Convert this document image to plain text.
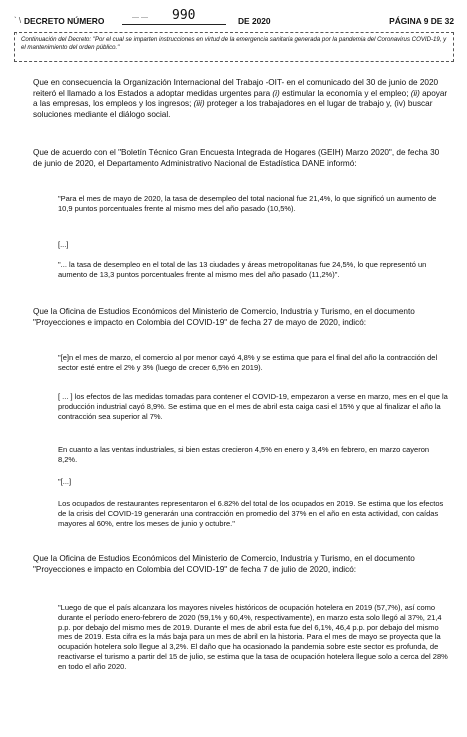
` \ DECRETO NÚMERO	— — 990	DE 2020	PÁGINA 9 DE 32
' Continuación del Decreto: "Por el cual se imparten instrucciones en virtud de la emergencia sanitaria generada por la pandemia del Coronavirus COVID-19, y el mantenimiento del orden público."

Que en consecuencia la Organización Internacional del Trabajo -OIT- en el comunicado del 30 de junio de 2020 reiteró el llamado a los Estados a adoptar medidas urgentes para (i) estimular la economía y el empleo; (ii) apoyar a las empresas, los empleos y los ingresos; (iii) proteger a los trabajadores en el lugar de trabajo y, (iv) buscar soluciones mediante el diálogo social.

Que de acuerdo con el "Boletín Técnico Gran Encuesta Integrada de Hogares (GEIH) Marzo 2020", de fecha 30 de junio de 2020, el Departamento Administrativo Nacional de Estadística DANE informó:

"Para el mes de mayo de 2020, la tasa de desempleo del total nacional fue 21,4%, lo que significó un aumento de 10,9 puntos porcentuales frente al mismo mes del año pasado (10,5%).

[...]

"... la tasa de desempleo en el total de las 13 ciudades y áreas metropolitanas fue 24,5%, lo que representó un aumento de 13,3 puntos porcentuales frente al mismo mes del año pasado (11,2%)".

Que la Oficina de Estudios Económicos del Ministerio de Comercio, Industria y Turismo, en el documento "Proyecciones e impacto en Colombia del COVID-19" de fecha 27 de mayo de 2020, indicó:

"[e]n el mes de marzo, el comercio al por menor cayó 4,8% y se estima que para el final del año la contracción del sector esté entre el 2% y 3% (luego de crecer 6,5% en 2019).

[ ... ] los efectos de las medidas tomadas para contener el COVID-19, empezaron a verse en marzo, mes en el que la producción industrial cayó 8,9%. Se estima que en el mes de abril esta caiga casi el 15% y que al finalizar el año la contracción sea superior al 7%.

En cuanto a las ventas industriales, si bien estas crecieron 4,5% en enero y 3,4% en febrero, en marzo cayeron 8,2%.

"[...]

Los ocupados de restaurantes representaron el 6.82% del total de los ocupados en 2019. Se estima que los efectos de la crisis del COVID-19 generarán una contracción en promedio del 37% en el año en esta actividad, con caídas mayores al 60%, entre los meses de junio y octubre."

Que la Oficina de Estudios Económicos del Ministerio de Comercio, Industria y Turismo, en el documento "Proyecciones e impacto en Colombia del COVID-19" de fecha 7 de julio de 2020, indicó:

"Luego de que el país alcanzara los mayores niveles históricos de ocupación hotelera en 2019 (57,7%), así como durante el período enero-febrero de 2020 (59,1% y 60,4%, respectivamente), en marzo esta solo llegó al 37%, 21,4 p.p. por debajo del mismo mes de 2019. Durante el mes de abril esta fue del 6,1%, 46,4 p.p. por debajo del mismo mes de 2019. Esta cifra es la más baja para un mes de abril en la historia. Para el mes de mayo se proyecta que la ocupación hotelera solo llegue al 3,2%. El daño que ha ocasionado la pandemia sobre este sector es profunda, de reactivarse el turismo a partir del 15 de julio, se estima que la tasa de ocupación hotelera llegue solo a cerca del 28% en todo el año 2020.
